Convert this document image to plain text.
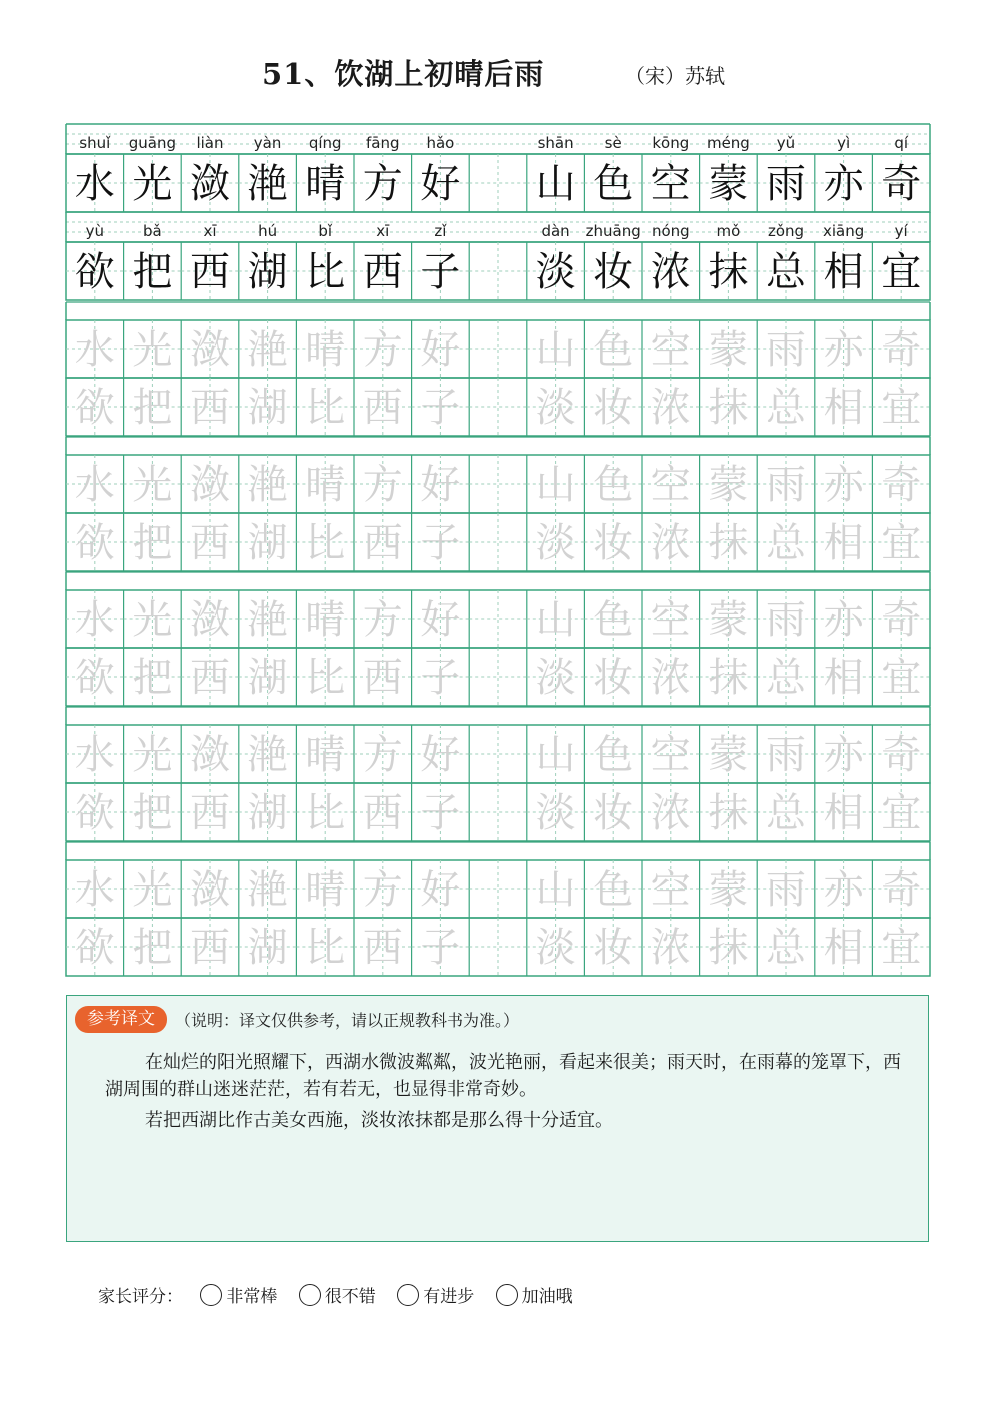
51、饮湖上初晴后雨	（宋）苏轼
shuǐ guāng liàn yàn qíng fāng hǎo	shān sè kōng méng yǔ	yì	qí
水 光 潋 滟 晴 方 好 山 色 空 蒙 雨 亦 奇
yù	bǎ	xī	hú	bǐ	xī	zǐ	dàn zhuāng nóng mǒ zǒng xiāng yí
欲 把 西 湖 比 西 子 淡 妆 浓 抹 总 相 宜
水 光 潋 滟 晴 方 好 山 色 空 蒙 雨 亦 奇
欲 把 西 湖 比 西 子 淡 妆 浓 抹 总 相 宜
水 光 潋 滟 晴 方 好 山 色 空 蒙 雨 亦 奇
欲 把 西 湖 比 西 子 淡 妆 浓 抹 总 相 宜
水 光 潋 滟 晴 方 好 山 色 空 蒙 雨 亦 奇
欲 把 西 湖 比 西 子 淡 妆 浓 抹 总 相 宜
水 光 潋 滟 晴 方 好 山 色 空 蒙 雨 亦 奇
欲 把 西 湖 比 西 子 淡 妆 浓 抹 总 相 宜
水 光 潋 滟 晴 方 好 山 色 空 蒙 雨 亦 奇
欲 把 西 湖 比 西 子 淡 妆 浓 抹 总 相 宜
参考译文	（说明：译文仅供参考，请以正规教科书为准。）
在灿烂的阳光照耀下，西湖水微波粼粼，波光艳丽，看起来很美；雨天时，在雨幕的笼罩下，西湖周围的群山迷迷茫茫，若有若无，也显得非常奇妙。
若把西湖比作古美女西施，淡妆浓抹都是那么得十分适宜。
家长评分：	非常棒	很不错	有进步	加油哦
